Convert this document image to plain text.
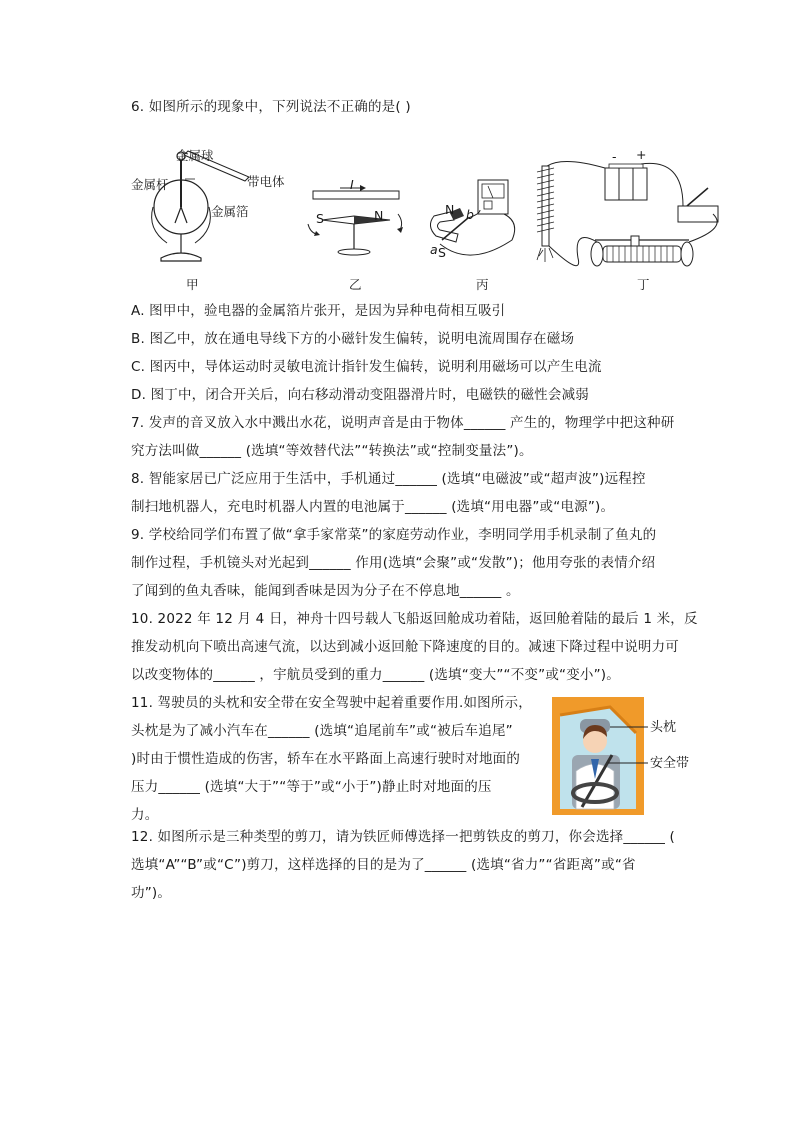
6. 如图所示的现象中，下列说法不正确的是( )
金属球
金属杆	带电体
金属箔
甲
I
S	N
乙
N b
S
a
丙
- +
丁
A. 图甲中，验电器的金属箔片张开，是因为异种电荷相互吸引
B. 图乙中，放在通电导线下方的小磁针发生偏转，说明电流周围存在磁场
C. 图丙中，导体运动时灵敏电流计指针发生偏转，说明利用磁场可以产生电流
D. 图丁中，闭合开关后，向右移动滑动变阻器滑片时，电磁铁的磁性会减弱
7. 发声的音叉放入水中溅出水花，说明声音是由于物体______ 产生的，物理学中把这种研
究方法叫做______ (选填“等效替代法”“转换法”或“控制变量法”)。
8. 智能家居已广泛应用于生活中，手机通过______ (选填“电磁波”或“超声波”)远程控
制扫地机器人，充电时机器人内置的电池属于______ (选填“用电器”或“电源”)。
9. 学校给同学们布置了做“拿手家常菜”的家庭劳动作业，李明同学用手机录制了鱼丸的
制作过程，手机镜头对光起到______ 作用(选填“会聚”或“发散”)；他用夸张的表情介绍
了闻到的鱼丸香味，能闻到香味是因为分子在不停息地______ 。
10. 2022 年 12 月 4 日，神舟十四号载人飞船返回舱成功着陆，返回舱着陆的最后 1 米，反
推发动机向下喷出高速气流，以达到减小返回舱下降速度的目的。减速下降过程中说明力可
以改变物体的______ ，宇航员受到的重力______ (选填“变大”“不变”或“变小”)。
11. 驾驶员的头枕和安全带在安全驾驶中起着重要作用.如图所示，
头枕是为了减小汽车在______ (选填“追尾前车”或“被后车追尾”
)时由于惯性造成的伤害，轿车在水平路面上高速行驶时对地面的
压力______ (选填“大于”“等于”或“小于”)静止时对地面的压
力。
头枕
安全带
12. 如图所示是三种类型的剪刀，请为铁匠师傅选择一把剪铁皮的剪刀，你会选择______ (
选填“A”“B”或“C”)剪刀，这样选择的目的是为了______ (选填“省力”“省距离”或“省
功”)。
